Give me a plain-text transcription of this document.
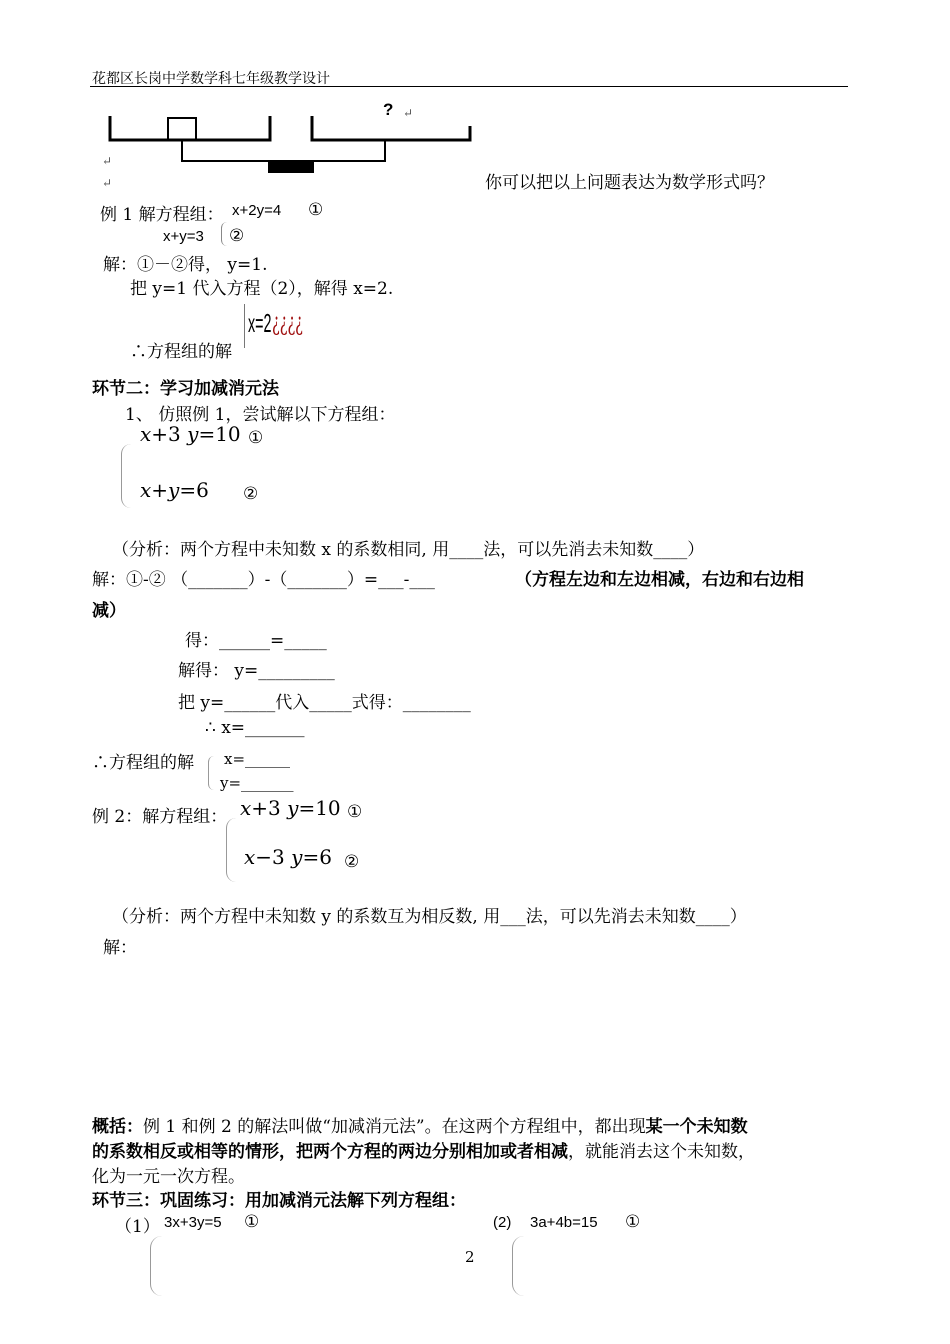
花都区长岗中学数学科七年级教学设计
? ↵
↵
↵	你可以把以上问题表达为数学形式吗？
例 1 解方程组： x+2y=4 ①
x+y=3 ②
解：①－②得， y=1.
把 y=1 代入方程（2），解得 x=2.
∴方程组的解
x=2 ¿¿¿¿
环节二：学习加减消元法
1、 仿照例 1，尝试解以下方程组：
x+3 y=10 ①
x+y=6 ②
（分析：两个方程中未知数 x 的系数相同, 用____法，可以先消去未知数____）
解：①-② （_______）-（_______）=___-___	（方程左边和左边相减，右边和右边相
减）
得：______=_____
解得： y=_________
把 y=______代入_____式得：________
∴ x=_______
∴方程组的解 x=______
y=_______
例 2：解方程组： x+3 y=10 ①
x−3 y=6 ②
（分析：两个方程中未知数 y 的系数互为相反数, 用___法，可以先消去未知数____）
解：
概括：例 1 和例 2 的解法叫做“加减消元法”。在这两个方程组中，都出现某一个未知数
的系数相反或相等的情形，把两个方程的两边分别相加或者相减，就能消去这个未知数，
化为一元一次方程。
环节三：巩固练习：用加减消元法解下列方程组：
（1） 3x+3y=5 ①	(2) 3a+4b=15 ①
2
